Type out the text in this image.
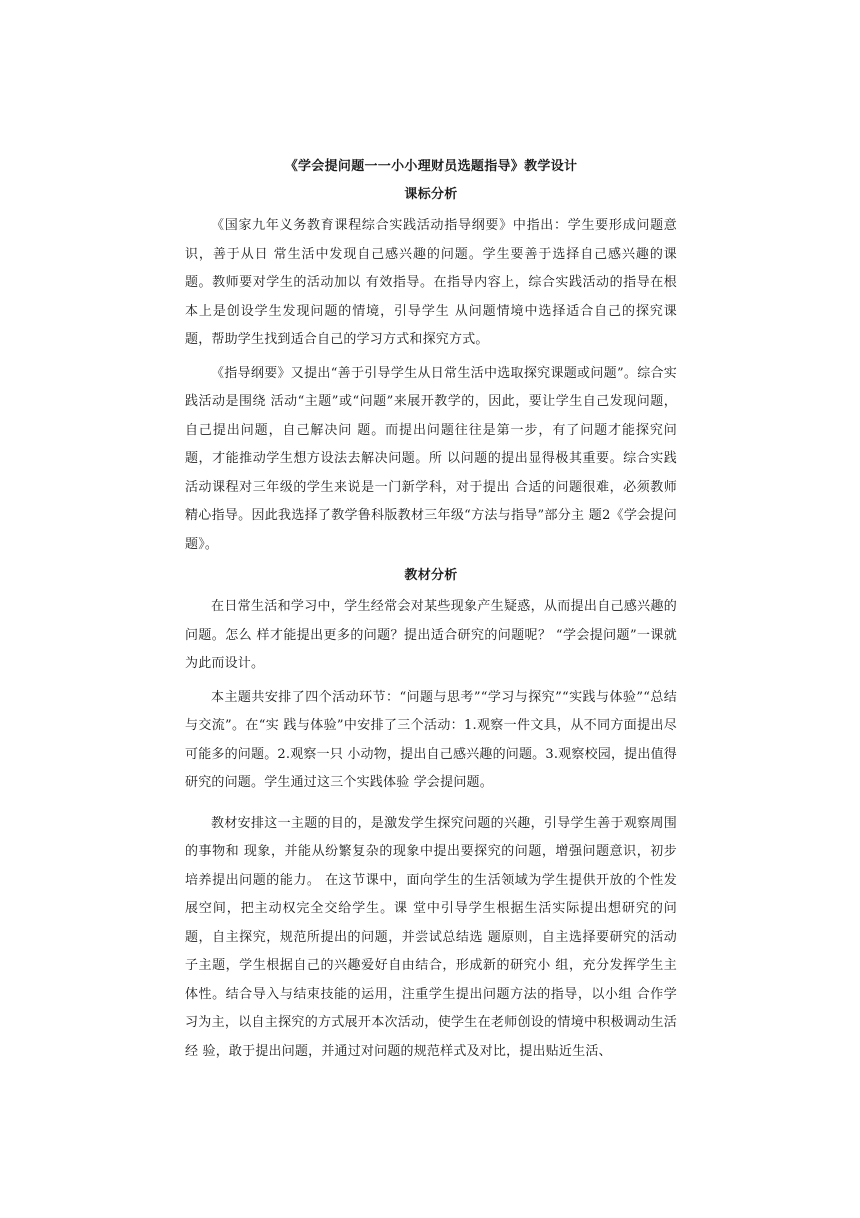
《学会提问题一一小小理财员选题指导》教学设计
课标分析

《国家九年义务教育课程综合实践活动指导纲要》中指出：学生要形成问题意识，善于从日 常生活中发现自己感兴趣的问题。学生要善于选择自己感兴趣的课题。教师要对学生的活动加以 有效指导。在指导内容上，综合实践活动的指导在根本上是创设学生发现问题的情境，引导学生 从问题情境中选择适合自己的探究课题，帮助学生找到适合自己的学习方式和探究方式。

《指导纲要》又提出“善于引导学生从日常生活中选取探究课题或问题”。综合实践活动是围绕 活动“主题”或“问题”来展开教学的，因此，要让学生自己发现问题，自己提出问题，自己解决问 题。而提出问题往往是第一步，有了问题才能探究问题，才能推动学生想方设法去解决问题。所 以问题的提出显得极其重要。综合实践活动课程对三年级的学生来说是一门新学科，对于提出 合适的问题很难，必须教师精心指导。因此我选择了教学鲁科版教材三年级“方法与指导”部分主 题2《学会提问题》。

教材分析

在日常生活和学习中，学生经常会对某些现象产生疑惑，从而提出自己感兴趣的问题。怎么 样才能提出更多的问题？提出适合研究的问题呢？ “学会提问题”一课就为此而设计。

本主题共安排了四个活动环节：“问题与思考”“学习与探究”“实践与体验”“总结与交流”。在“实 践与体验”中安排了三个活动：1.观察一件文具，从不同方面提出尽可能多的问题。2.观察一只 小动物，提出自己感兴趣的问题。3.观察校园，提出值得研究的问题。学生通过这三个实践体验 学会提问题。

教材安排这一主题的目的，是激发学生探究问题的兴趣，引导学生善于观察周围的事物和 现象，并能从纷繁复杂的现象中提出要探究的问题，增强问题意识，初步培养提出问题的能力。 在这节课中，面向学生的生活领域为学生提供开放的个性发展空间，把主动权完全交给学生。课 堂中引导学生根据生活实际提出想研究的问题，自主探究，规范所提出的问题，并尝试总结选 题原则，自主选择要研究的活动子主题，学生根据自己的兴趣爱好自由结合，形成新的研究小 组，充分发挥学生主体性。结合导入与结束技能的运用，注重学生提出问题方法的指导，以小组 合作学习为主，以自主探究的方式展开本次活动，使学生在老师创设的情境中积极调动生活经 验，敢于提出问题，并通过对问题的规范样式及对比，提出贴近生活、
